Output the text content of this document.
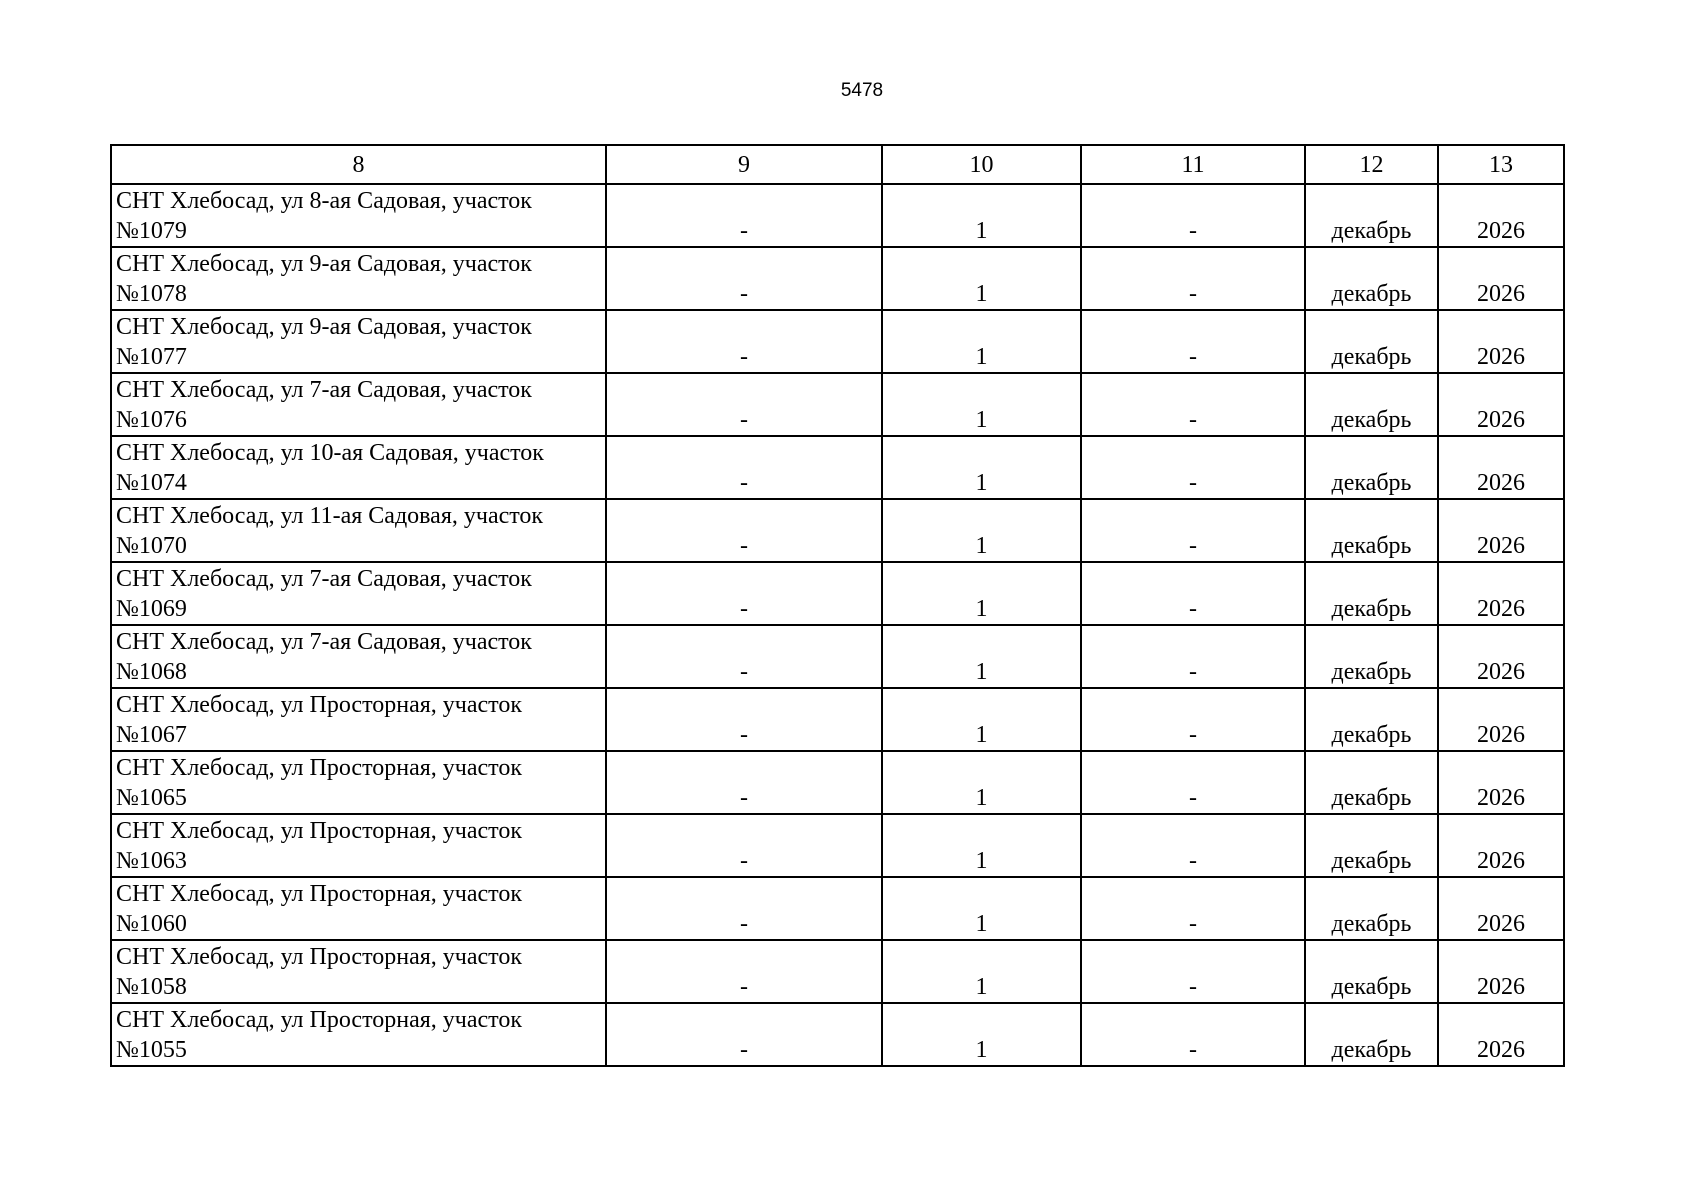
5478
8	9	10	11	12	13

СНТ Хлебосад, ул 8-ая Садовая, участок
№1079	-	1	-	декабрь	2026

СНТ Хлебосад, ул 9-ая Садовая, участок
№1078	-	1	-	декабрь	2026

СНТ Хлебосад, ул 9-ая Садовая, участок
№1077	-	1	-	декабрь	2026

СНТ Хлебосад, ул 7-ая Садовая, участок
№1076	-	1	-	декабрь	2026

СНТ Хлебосад, ул 10-ая Садовая, участок
№1074	-	1	-	декабрь	2026

СНТ Хлебосад, ул 11-ая Садовая, участок
№1070	-	1	-	декабрь	2026

СНТ Хлебосад, ул 7-ая Садовая, участок
№1069	-	1	-	декабрь	2026

СНТ Хлебосад, ул 7-ая Садовая, участок
№1068	-	1	-	декабрь	2026

СНТ Хлебосад, ул Просторная, участок
№1067	-	1	-	декабрь	2026

СНТ Хлебосад, ул Просторная, участок
№1065	-	1	-	декабрь	2026

СНТ Хлебосад, ул Просторная, участок
№1063	-	1	-	декабрь	2026

СНТ Хлебосад, ул Просторная, участок
№1060	-	1	-	декабрь	2026

СНТ Хлебосад, ул Просторная, участок
№1058	-	1	-	декабрь	2026

СНТ Хлебосад, ул Просторная, участок
№1055	-	1	-	декабрь	2026
